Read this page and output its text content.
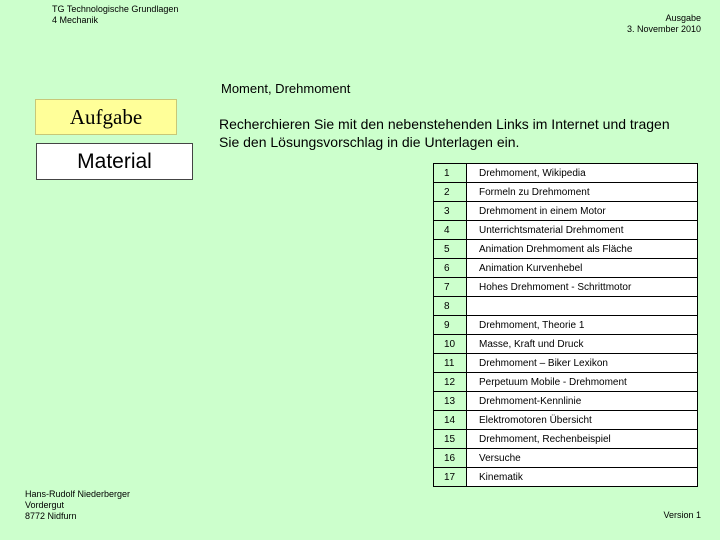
TG Technologische Grundlagen
4 Mechanik	Ausgabe
3. November 2010
Moment, Drehmoment
Aufgabe
Material
Recherchieren Sie mit den nebenstehenden Links im Internet und tragen Sie den Lösungsvorschlag in die Unterlagen ein.
1	Drehmoment, Wikipedia
2	Formeln zu Drehmoment
3	Drehmoment in einem Motor
4	Unterrichtsmaterial Drehmoment
5	Animation Drehmoment als Fläche
6	Animation Kurvenhebel
7	Hohes Drehmoment - Schrittmotor
8	
9	Drehmoment, Theorie 1
10	Masse, Kraft und Druck
11	Drehmoment – Biker Lexikon
12	Perpetuum Mobile - Drehmoment
13	Drehmoment-Kennlinie
14	Elektromotoren Übersicht
15	Drehmoment, Rechenbeispiel
16	Versuche
17	Kinematik
Hans-Rudolf Niederberger
Vordergut
8772 Nidfurn	Version 1
